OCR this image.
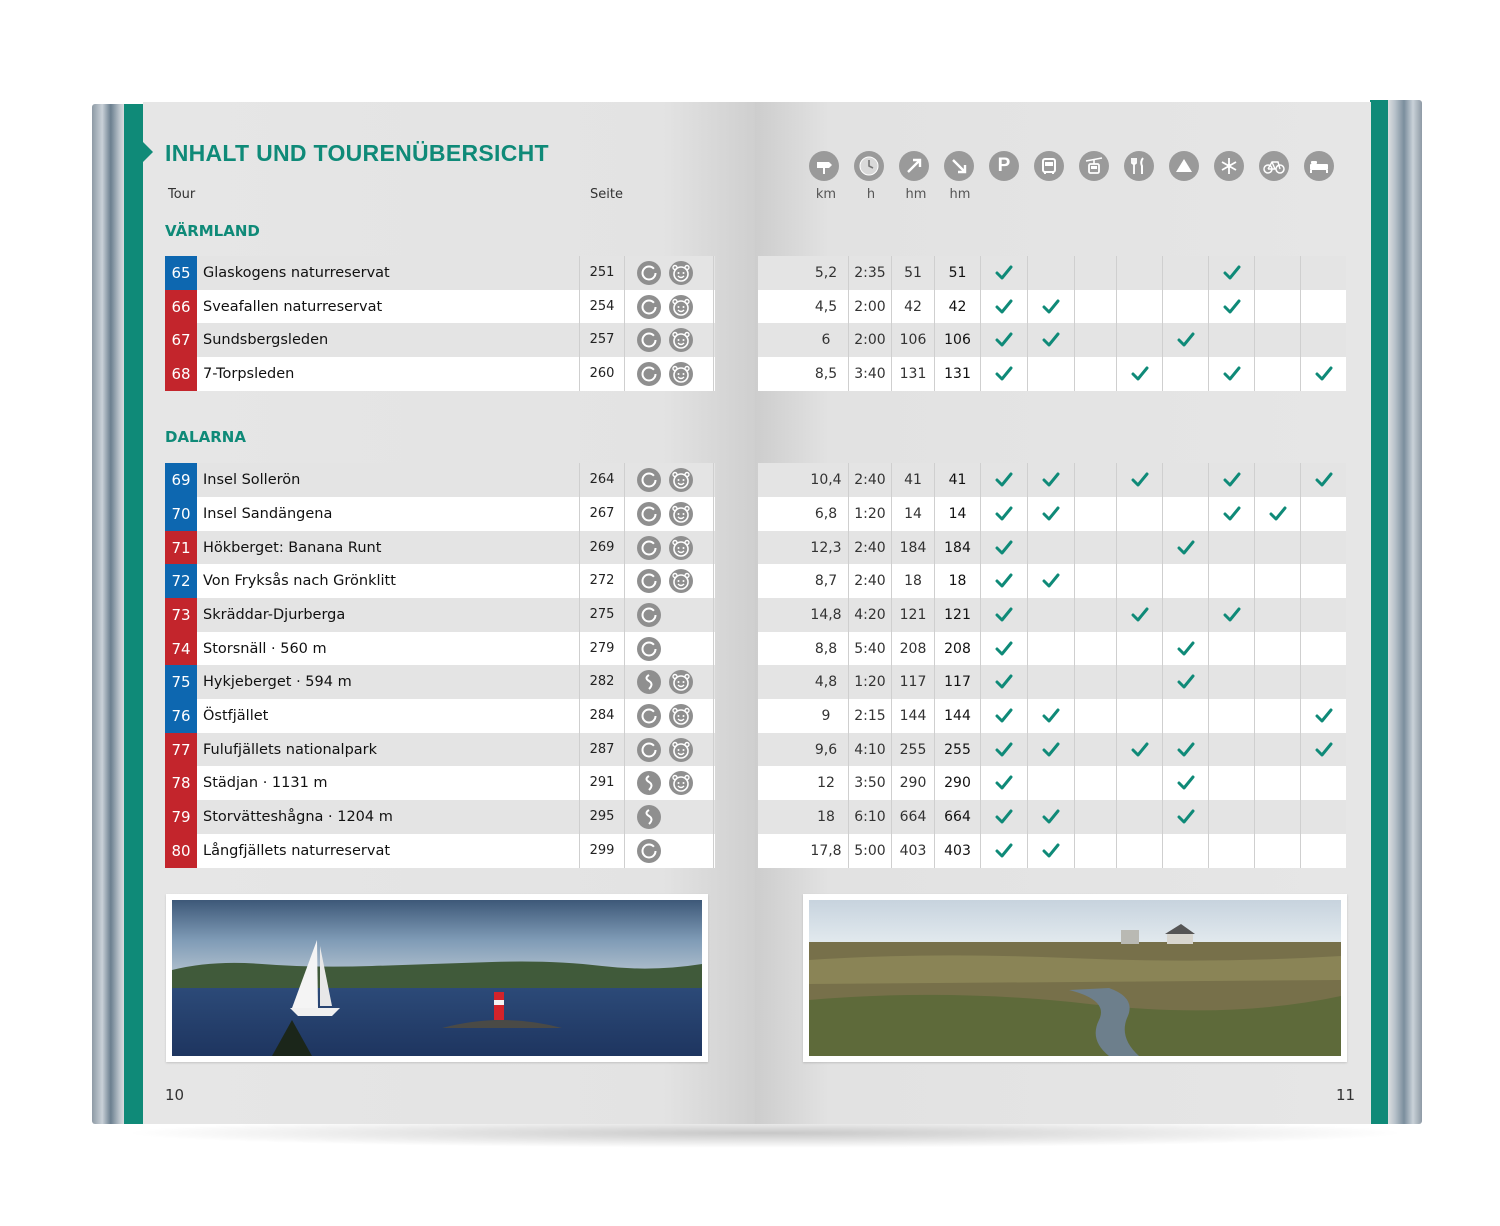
INHALT UND TOURENÜBERSICHT
Tour	Seite
VÄRMLAND
DALARNA
P
km	h	hm	hm
65 Glaskogens naturreservat	251	5,2	2:35	51	51
66 Sveafallen naturreservat	254	4,5	2:00	42	42
67 Sundsbergsleden	257	6	2:00 106	106
68 7-Torpsleden	260	8,5	3:40 131	131
69 Insel Sollerön	264	10,4 2:40	41	41
70 Insel Sandängena	267	6,8	1:20	14	14
71 Hökberget: Banana Runt	269	12,3 2:40 184	184
72 Von Fryksås nach Grönklitt	272	8,7	2:40	18	18
73 Skräddar-Djurberga	275	14,8 4:20 121	121
74 Storsnäll · 560 m	279	8,8	5:40 208	208
75 Hykjeberget · 594 m	282	4,8	1:20 117	117
76 Östfjället	284	9	2:15 144	144
77 Fulufjällets nationalpark	287	9,6	4:10 255	255
78 Städjan · 1131 m	291	12	3:50 290	290
79 Storvätteshågna · 1204 m	295	18	6:10 664	664
80 Långfjällets naturreservat	299	17,8 5:00 403	403
10	11
